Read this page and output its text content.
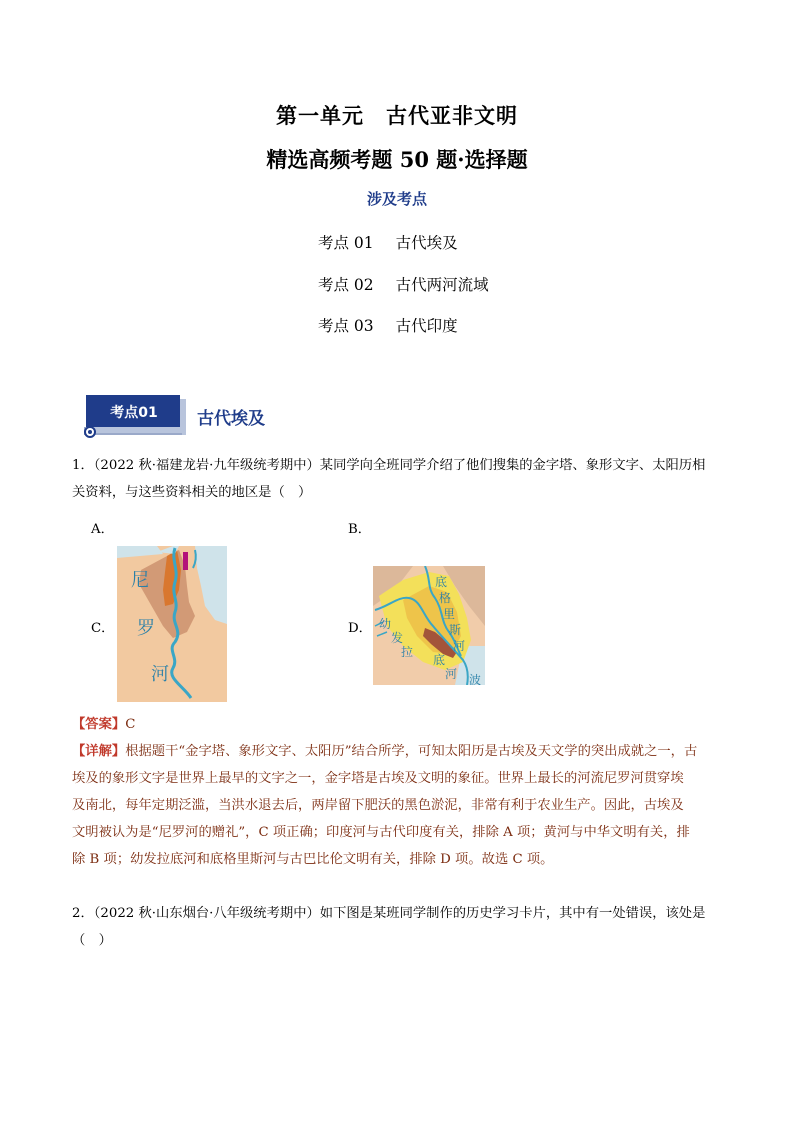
第一单元　古代亚非文明
精选高频考题 50 题·选择题
涉及考点
考点 01 古代埃及
考点 02 古代两河流域
考点 03 古代印度
考点01	古代埃及
1．（2022 秋·福建龙岩·九年级统考期中）某同学向全班同学介绍了他们搜集的金字塔、象形文字、太阳历相
关资料，与这些资料相关的地区是（　）
A．	B．
C．	D．
尼
罗
河
幼
发
拉
底
格
里
斯
河
底
河 波
【答案】C
【详解】根据题干“金字塔、象形文字、太阳历”结合所学，可知太阳历是古埃及天文学的突出成就之一，古
埃及的象形文字是世界上最早的文字之一，金字塔是古埃及文明的象征。世界上最长的河流尼罗河贯穿埃
及南北，每年定期泛滥，当洪水退去后，两岸留下肥沃的黑色淤泥，非常有利于农业生产。因此，古埃及
文明被认为是“尼罗河的赠礼”，C 项正确；印度河与古代印度有关，排除 A 项；黄河与中华文明有关，排
除 B 项；幼发拉底河和底格里斯河与古巴比伦文明有关，排除 D 项。故选 C 项。
2．（2022 秋·山东烟台·八年级统考期中）如下图是某班同学制作的历史学习卡片，其中有一处错误，该处是
（　）
